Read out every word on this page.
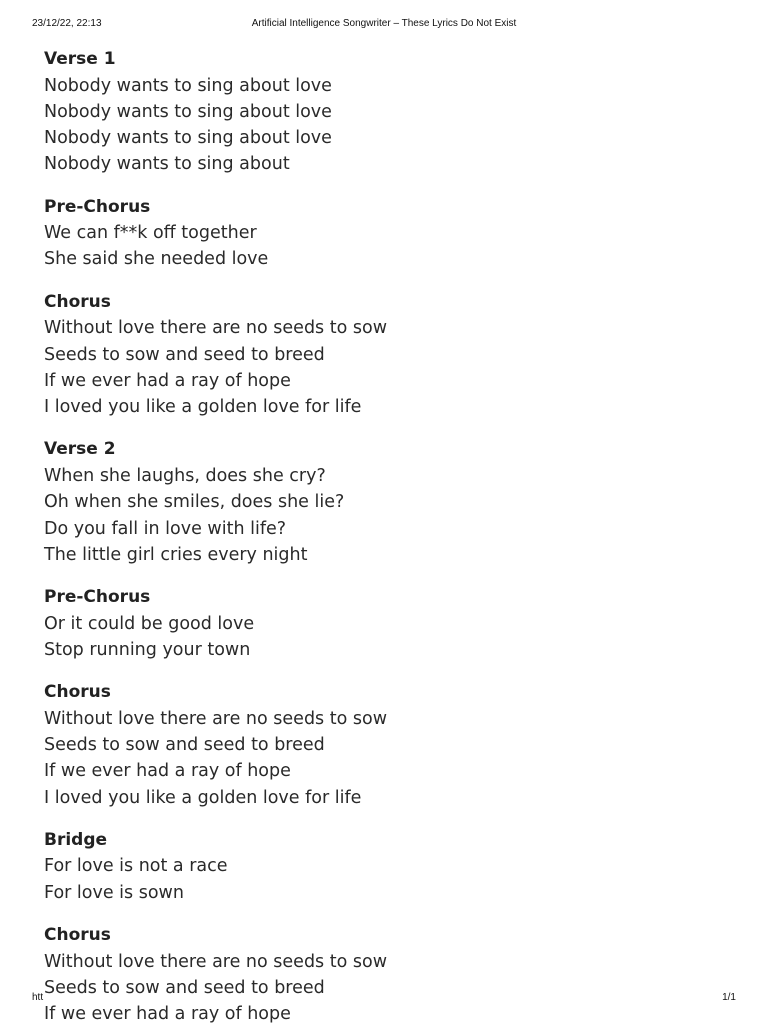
23/12/22, 22:13	Artificial Intelligence Songwriter – These Lyrics Do Not Exist
Verse 1
Nobody wants to sing about love
Nobody wants to sing about love
Nobody wants to sing about love
Nobody wants to sing about
Pre-Chorus
We can f**k off together
She said she needed love
Chorus
Without love there are no seeds to sow
Seeds to sow and seed to breed
If we ever had a ray of hope
I loved you like a golden love for life
Verse 2
When she laughs, does she cry?
Oh when she smiles, does she lie?
Do you fall in love with life?
The little girl cries every night
Pre-Chorus
Or it could be good love
Stop running your town
Chorus
Without love there are no seeds to sow
Seeds to sow and seed to breed
If we ever had a ray of hope
I loved you like a golden love for life
Bridge
For love is not a race
For love is sown
Chorus
Without love there are no seeds to sow
Seeds to sow and seed to breed
If we ever had a ray of hope
htt	1/1
